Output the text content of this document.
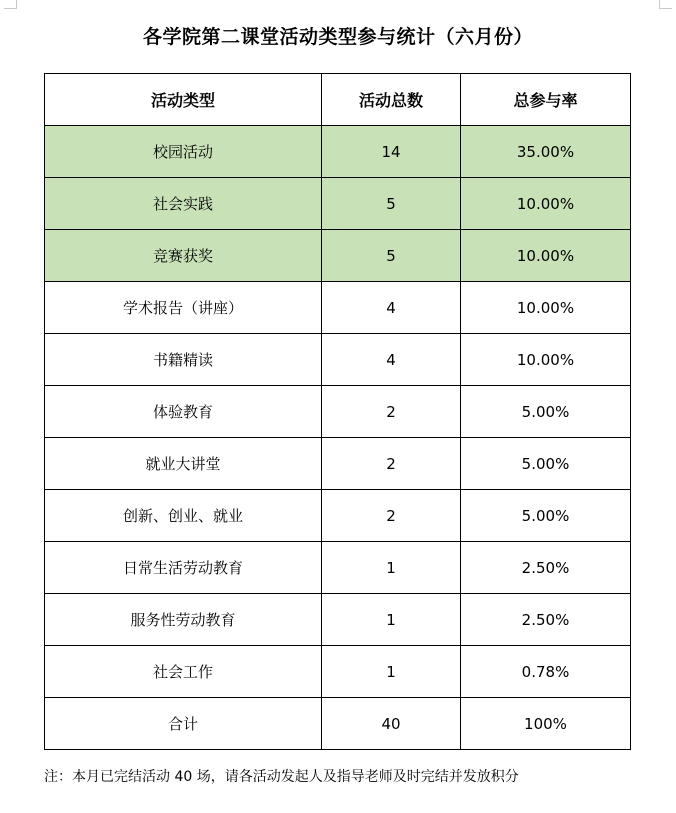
各学院第二课堂活动类型参与统计（六月份）
活动类型	活动总数	总参与率
校园活动	14	35.00%
社会实践	5	10.00%
竞赛获奖	5	10.00%
学术报告（讲座）	4	10.00%
书籍精读	4	10.00%
体验教育	2	5.00%
就业大讲堂	2	5.00%
创新、创业、就业	2	5.00%
日常生活劳动教育	1	2.50%
服务性劳动教育	1	2.50%
社会工作	1	0.78%
合计	40	100%
注：本月已完结活动 40 场，请各活动发起人及指导老师及时完结并发放积分
